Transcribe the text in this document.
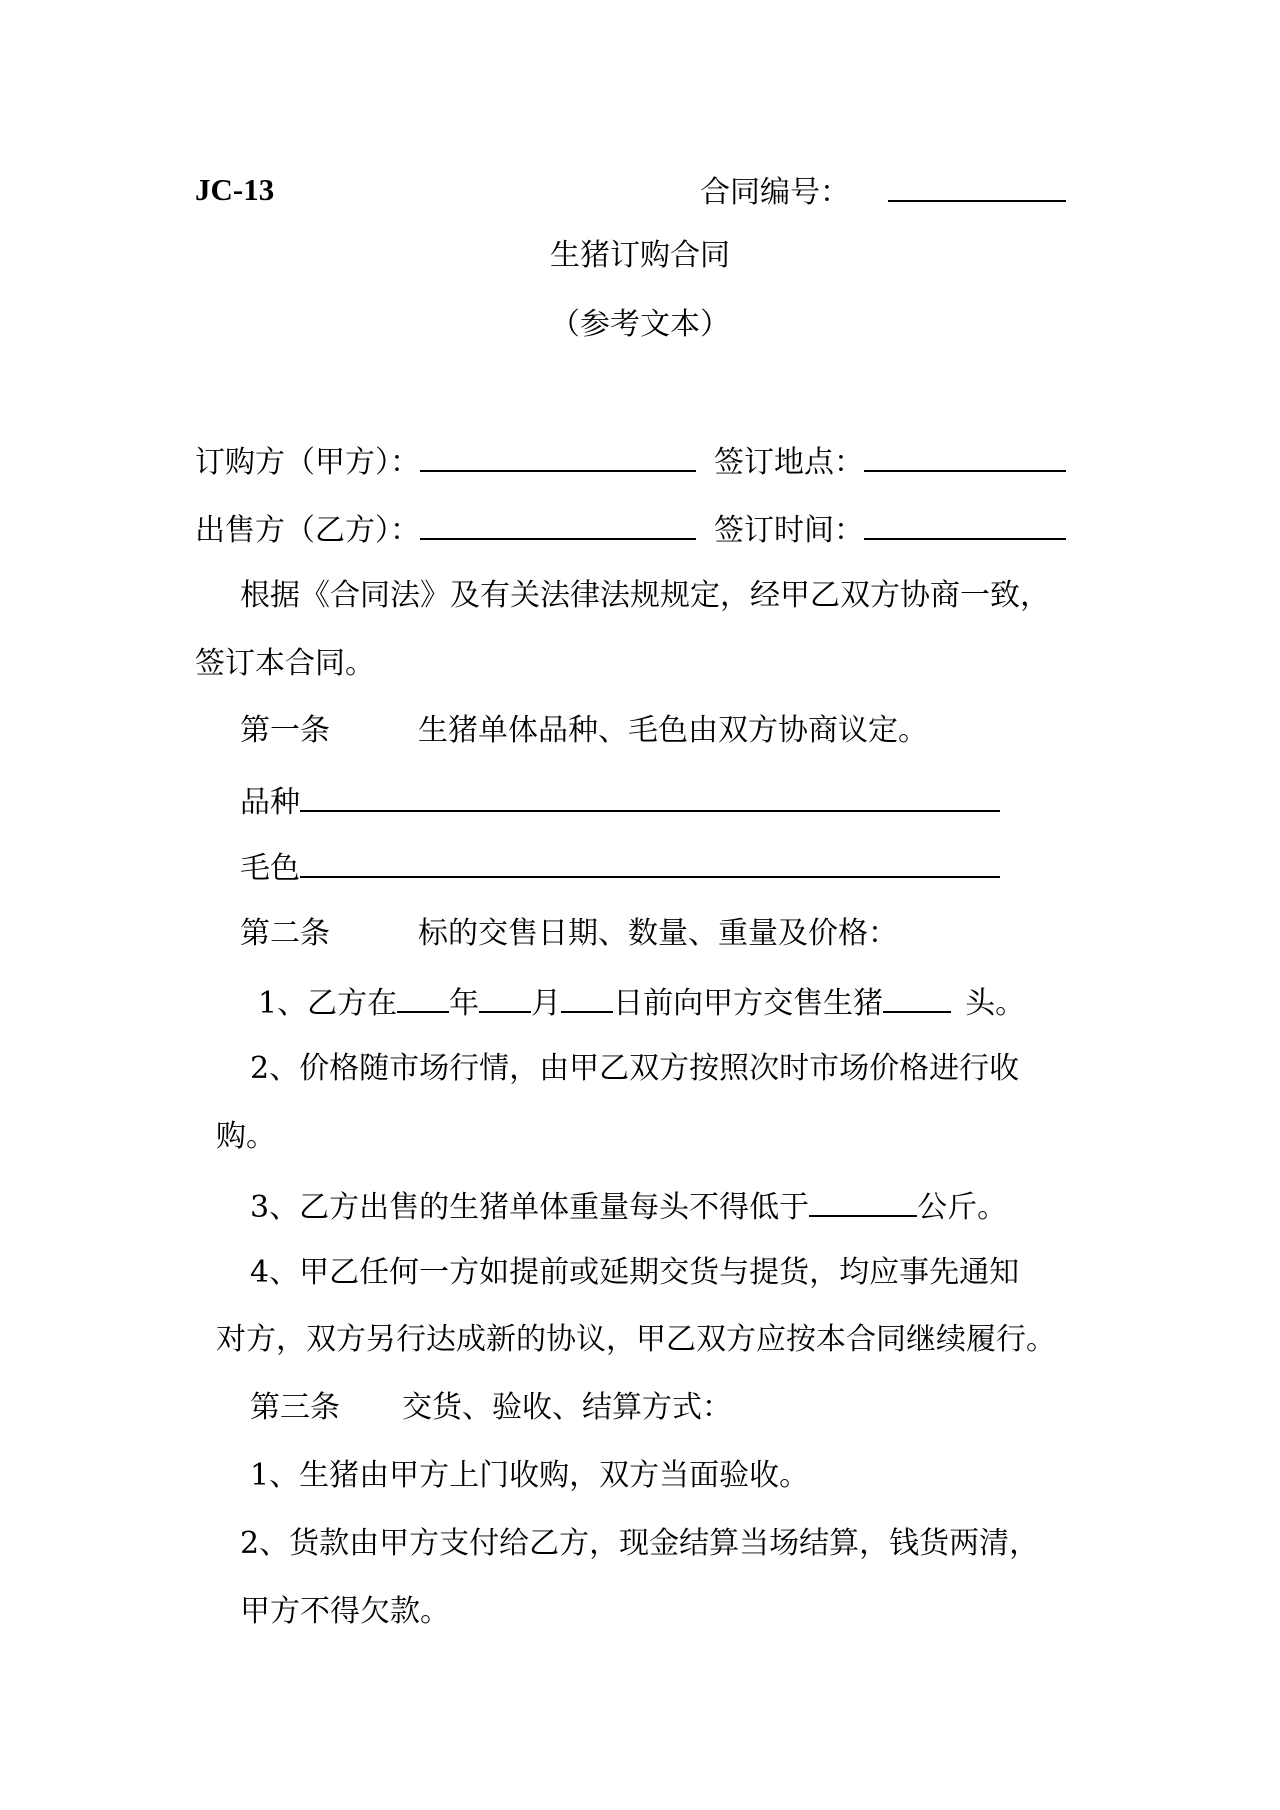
JC-13	合同编号：
生猪订购合同
（参考文本）
订购方（甲方）：	签订地点：
出售方（乙方）：	签订时间：
根据《合同法》及有关法律法规规定，经甲乙双方协商一致，
签订本合同。
第一条	生猪单体品种、毛色由双方协商议定。
品种
毛色
第二条	标的交售日期、数量、重量及价格：
1、乙方在 年 月 日前向甲方交售生猪	头。
2、价格随市场行情，由甲乙双方按照次时市场价格进行收
购。
3、乙方出售的生猪单体重量每头不得低于	公斤。
4、甲乙任何一方如提前或延期交货与提货，均应事先通知
对方，双方另行达成新的协议，甲乙双方应按本合同继续履行。
第三条 交货、验收、结算方式：
1、生猪由甲方上门收购，双方当面验收。
2、货款由甲方支付给乙方，现金结算当场结算，钱货两清，
甲方不得欠款。
